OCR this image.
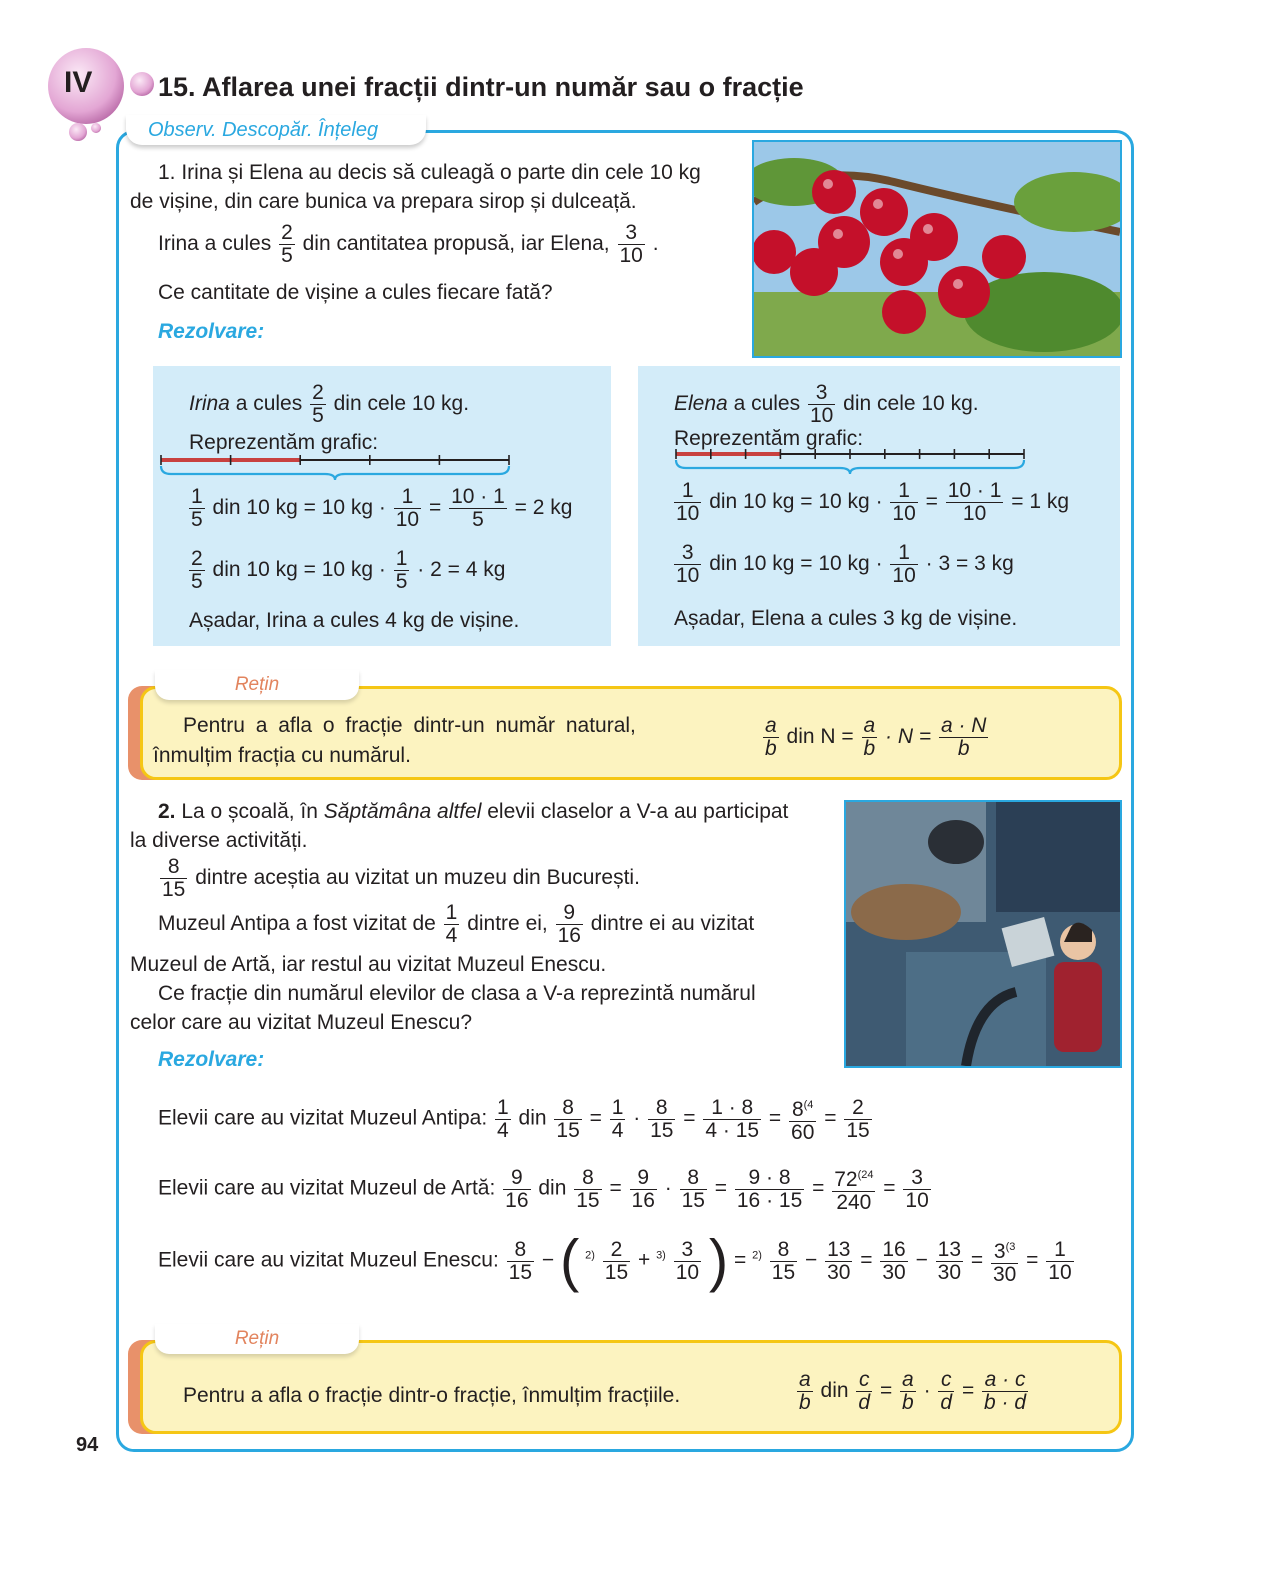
IV 15. Aflarea unei fracții dintr-un număr sau o fracție
Observ. Descopăr. Înțeleg
1. Irina și Elena au decis să culeagă o parte din cele 10 kg
de vișine, din care bunica va prepara sirop și dulceață.
Irina a cules $\frac{2}{5}$ din cantitatea propusă, iar Elena, $\frac{3}{10}$ .
Ce cantitate de vișine a cules fiecare fată?
Rezolvare:
Irina a cules $\frac{2}{5}$ din cele 10 kg.
Reprezentăm grafic:
$\frac{1}{5}$ din 10 kg = 10 kg · $\frac{1}{10} = \frac{10 \cdot 1}{5} = 2$ kg
$\frac{2}{5}$ din 10 kg = 10 kg · $\frac{1}{5} \cdot 2 = 4$ kg
Așadar, Irina a cules 4 kg de vișine.
Elena a cules $\frac{3}{10}$ din cele 10 kg.
Reprezentăm grafic:
$\frac{1}{10}$ din 10 kg = 10 kg · $\frac{1}{10} = \frac{10 \cdot 1}{10} = 1$ kg
$\frac{3}{10}$ din 10 kg = 10 kg · $\frac{1}{10} \cdot 3 = 3$ kg
Așadar, Elena a cules 3 kg de vișine.
Pentru a afla o fracție dintr-un număr natural,
înmulțim fracția cu numărul.	$\frac{a}{b}$ din $N = \frac{a}{b} \cdot N = \frac{a \cdot N}{b}$
Rețin
2. La o școală, în Săptămâna altfel elevii claselor a V-a au participat
la diverse activități.
$\frac{8}{15}$ dintre aceștia au vizitat un muzeu din București.
Muzeul Antipa a fost vizitat de $\frac{1}{4}$ dintre ei, $\frac{9}{16}$ dintre ei au vizitat
Muzeul de Artă, iar restul au vizitat Muzeul Enescu.
Ce fracție din numărul elevilor de clasa a V-a reprezintă numărul
celor care au vizitat Muzeul Enescu?
Rezolvare:
Elevii care au vizitat Muzeul Antipa: $\frac{1}{4}$ din $\frac{8}{15} = \frac{1}{4} \cdot \frac{8}{15} = \frac{1 \cdot 8}{4 \cdot 15} = \frac{8^{(4}}{60} = \frac{2}{15}$
Elevii care au vizitat Muzeul de Artă: $\frac{9}{16}$ din $\frac{8}{15} = \frac{9}{16} \cdot \frac{8}{15} = \frac{9 \cdot 8}{16 \cdot 15} = \frac{72^{(24}}{240} = \frac{3}{10}$
Elevii care au vizitat Muzeul Enescu: $\frac{8}{15}$ − ( $^{2)} \frac{2}{15} + ^{3)} \frac{3}{10}$ ) = $^{2)} \frac{8}{15} - \frac{13}{30} = \frac{16}{30} - \frac{13}{30} = \frac{3^{(3}}{30} = \frac{1}{10}$
Pentru a afla o fracție dintr-o fracție, înmulțim fracțiile.	$\frac{a}{b}$ din $\frac{c}{d} = \frac{a}{b} \cdot \frac{c}{d} = \frac{a \cdot c}{b \cdot d}$
Rețin
94
